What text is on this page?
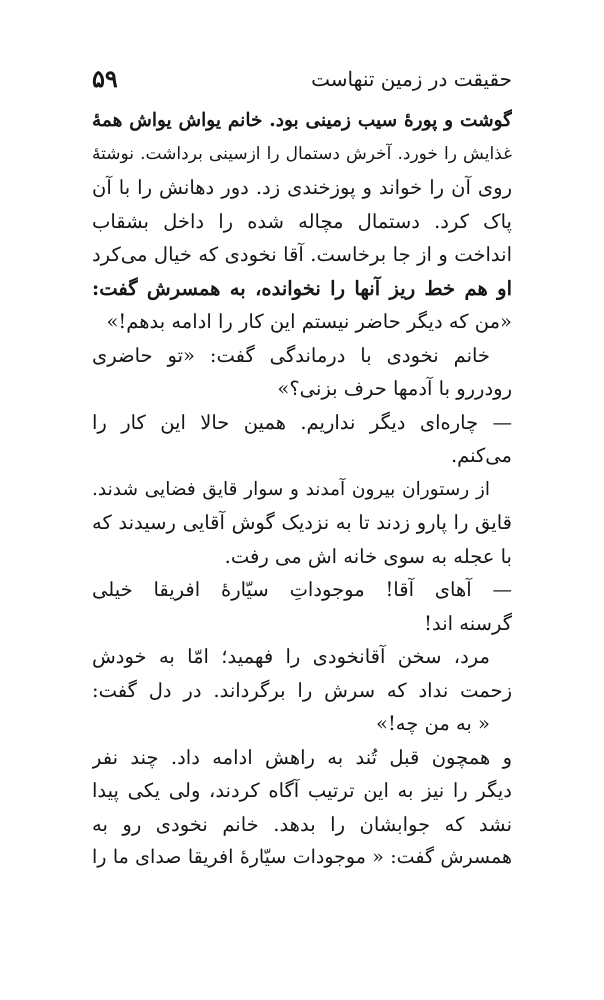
حقیقت در زمین تنهاست
۵۹
گوشت و پورهٔ سیب زمینی بود. خانم یواش یواش همهٔ
غذایش را خورد. آخرش دستمال را ازسینی برداشت. نوشتهٔ
روی آن را خواند و پوزخندی زد. دور دهانش را با آن
پاک کرد. دستمال مچاله شده را داخل بشقاب
انداخت و از جا برخاست. آقا نخودی که خیال می‌کرد
او هم خط ریز آنها را نخوانده، به همسرش گفت:
«من که دیگر حاضر نیستم این کار را ادامه بدهم!»
خانم نخودی با درماندگی گفت: «تو حاضری
رودررو با آدمها حرف بزنی؟»
— چاره‌ای دیگر نداریم. همین حالا این کار را
می‌کنم.
از رستوران بیرون آمدند و سوار قایق فضایی شدند.
قایق را پارو زدند تا به نزدیک گوش آقایی رسیدند که
با عجله به سوی خانه اش می رفت.
— آهای آقا! موجوداتِ سیّارهٔ افریقا خیلی
گرسنه اند!
مرد، سخن آقانخودی را فهمید؛ امّا به خودش
زحمت نداد که سرش را برگرداند. در دل گفت:
« به من چه!»
و همچون قبل تُند به راهش ادامه داد. چند نفر
دیگر را نیز به این ترتیب آگاه کردند، ولی یکی پیدا
نشد که جوابشان را بدهد. خانم نخودی رو به
همسرش گفت: « موجودات سیّارهٔ افریقا صدای ما را
